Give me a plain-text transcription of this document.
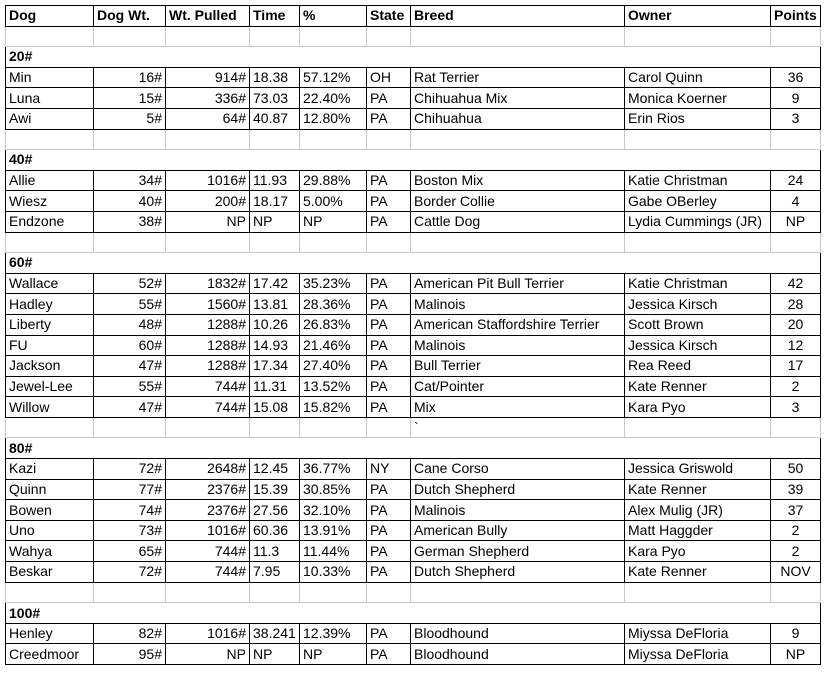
Dog	Dog Wt.	Wt. Pulled	Time	%	State	Breed	Owner	Points

20#								
Min	16#	914#	18.38	57.12%	OH	Rat Terrier	Carol Quinn	36
Luna	15#	336#	73.03	22.40%	PA	Chihuahua Mix	Monica Koerner	9
Awi	5#	64#	40.87	12.80%	PA	Chihuahua	Erin Rios	3

40#								
Allie	34#	1016#	11.93	29.88%	PA	Boston Mix	Katie Christman	24
Wiesz	40#	200#	18.17	5.00%	PA	Border Collie	Gabe OBerley	4
Endzone	38#	NP	NP	NP	PA	Cattle Dog	Lydia Cummings (JR)	NP

60#								
Wallace	52#	1832#	17.42	35.23%	PA	American Pit Bull Terrier	Katie Christman	42
Hadley	55#	1560#	13.81	28.36%	PA	Malinois	Jessica Kirsch	28
Liberty	48#	1288#	10.26	26.83%	PA	American Staffordshire Terrier	Scott Brown	20
FU	60#	1288#	14.93	21.46%	PA	Malinois	Jessica Kirsch	12
Jackson	47#	1288#	17.34	27.40%	PA	Bull Terrier	Rea Reed	17
Jewel-Lee	55#	744#	11.31	13.52%	PA	Cat/Pointer	Kate Renner	2
Willow	47#	744#	15.08	15.82%	PA	Mix	Kara Pyo	3
						`		
80#								
Kazi	72#	2648#	12.45	36.77%	NY	Cane Corso	Jessica Griswold	50
Quinn	77#	2376#	15.39	30.85%	PA	Dutch Shepherd	Kate Renner	39
Bowen	74#	2376#	27.56	32.10%	PA	Malinois	Alex Mulig (JR)	37
Uno	73#	1016#	60.36	13.91%	PA	American Bully	Matt Haggder	2
Wahya	65#	744#	11.3	11.44%	PA	German Shepherd	Kara Pyo	2
Beskar	72#	744#	7.95	10.33%	PA	Dutch Shepherd	Kate Renner	NOV

100#								
Henley	82#	1016#	38.241	12.39%	PA	Bloodhound	Miyssa DeFloria	9
Creedmoor	95#	NP	NP	NP	PA	Bloodhound	Miyssa DeFloria	NP
